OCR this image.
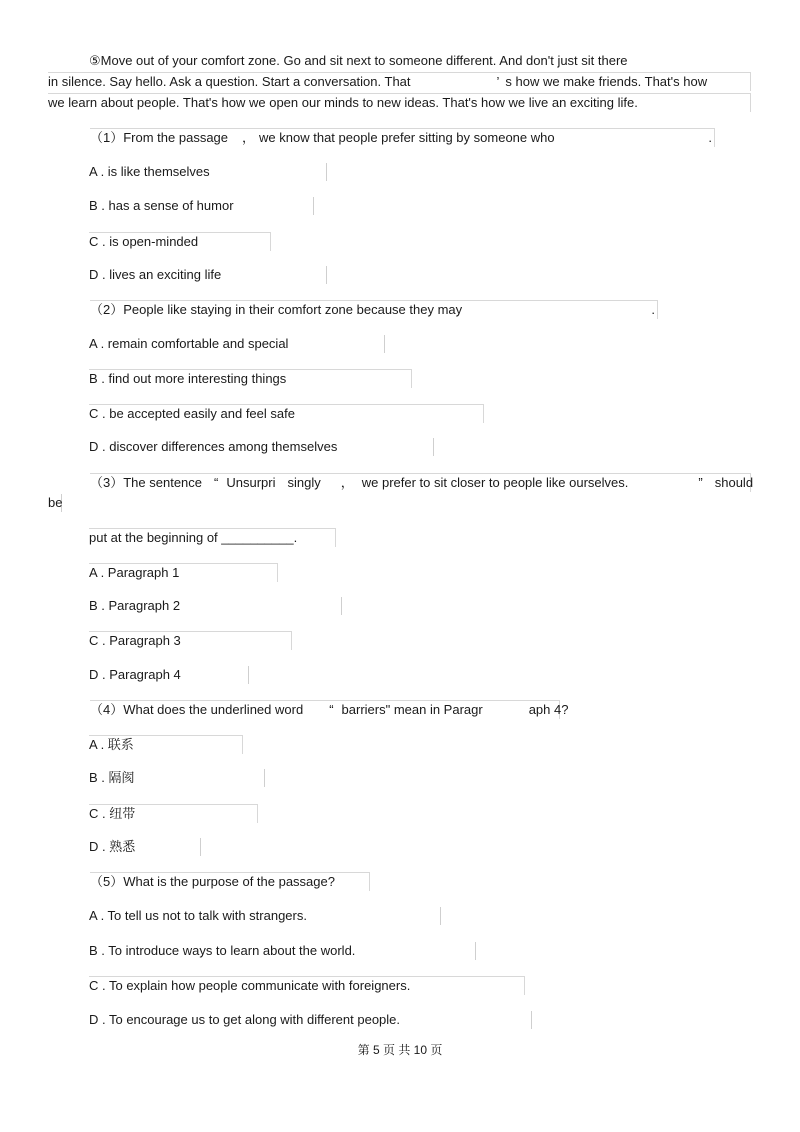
⑤Move out of your comfort zone. Go and sit next to someone different. And don't just sit there
in silence. Say hello. Ask a question. Start a conversation. That	’ s how we make friends. That's how
we learn about people. That's how we open our minds to new ideas. That's how we live an exciting life.
（1）From the passage ， we know that people prefer sitting by someone who	.
A . is like themselves
B . has a sense of humor
C . is open-minded
D . lives an exciting life
（2）People like staying in their comfort zone because they may	.
A . remain comfortable and special
B . find out more interesting things
C . be accepted easily and feel safe
D . discover differences among themselves
（3）The sentence “ Unsurpri singly ， we prefer to sit closer to people like ourselves.	” should
be
put at the beginning of __________.
A . Paragraph 1
B . Paragraph 2
C . Paragraph 3
D . Paragraph 4
（4）What does the underlined word “ barriers" mean in Paragr	aph 4?
A . 联系
B . 隔阂
C . 纽带
D . 熟悉
（5）What is the purpose of the passage?
A . To tell us not to talk with strangers.
B . To introduce ways to learn about the world.
C . To explain how people communicate with foreigners.
D . To encourage us to get along with different people.
第 5 页 共 10 页
